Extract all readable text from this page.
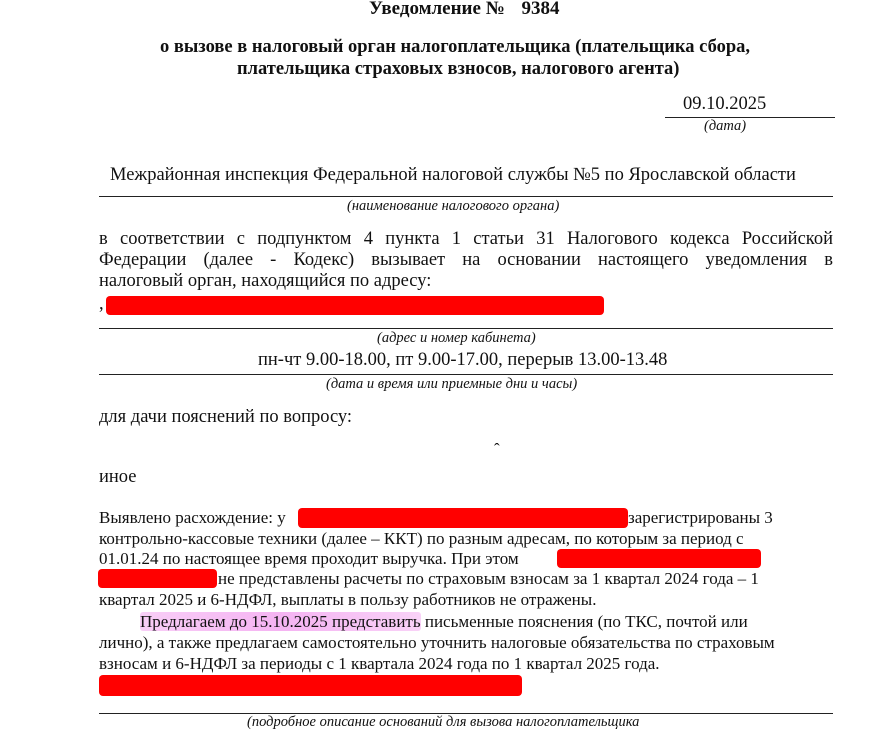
Уведомление № 9384
о вызове в налоговый орган налогоплательщика (плательщика сбора,
плательщика страховых взносов, налогового агента)
09.10.2025
(дата)
Межрайонная инспекция Федеральной налоговой службы №5 по Ярославской области
(наименование налогового органа)
в соответствии с подпунктом 4 пункта 1 статьи 31 Налогового кодекса Российской
Федерации (далее - Кодекс) вызывает на основании настоящего уведомления в
налоговый орган, находящийся по адресу:
,
(адрес и номер кабинета)
пн-чт 9.00-18.00, пт 9.00-17.00, перерыв 13.00-13.48
(дата и время или приемные дни и часы)
для дачи пояснений по вопросу:
ˆ
иное
Выявлено расхождение: у	зарегистрированы 3
контрольно-кассовые техники (далее – ККТ) по разным адресам, по которым за период с
01.01.24 по настоящее время проходит выручка. При этом
не представлены расчеты по страховым взносам за 1 квартал 2024 года – 1
квартал 2025 и 6-НДФЛ, выплаты в пользу работников не отражены.
Предлагаем до 15.10.2025 представить письменные пояснения (по ТКС, почтой или
лично), а также предлагаем самостоятельно уточнить налоговые обязательства по страховым
взносам и 6-НДФЛ за периоды с 1 квартала 2024 года по 1 квартал 2025 года.
(подробное описание оснований для вызова налогоплательщика
